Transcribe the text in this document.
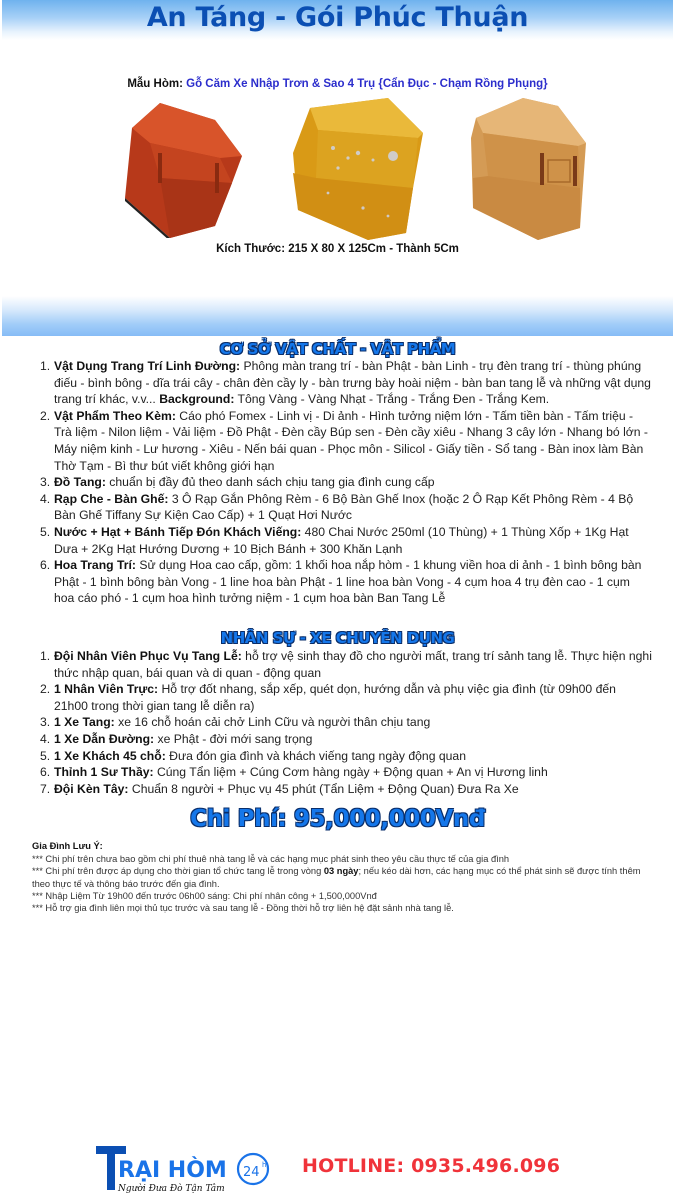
An Táng - Gói Phúc Thuận
Mẫu Hòm: Gỗ Căm Xe Nhập Trơn & Sao 4 Trụ {Cẩn Đục - Chạm Rồng Phụng}
Kích Thước: 215 X 80 X 125Cm - Thành 5Cm
CƠ SỞ VẬT CHẤT - VẬT PHẨM
1. Vật Dụng Trang Trí Linh Đường: Phông màn trang trí - bàn Phật - bàn Linh - trụ đèn trang trí - thùng phúng điếu - bình bông - dĩa trái cây - chân đèn cầy ly - bàn trưng bày hoài niệm - bàn ban tang lễ và những vật dụng trang trí khác, v.v... Background: Tông Vàng - Vàng Nhạt - Trắng - Trắng Đen - Trắng Kem.
2. Vật Phẩm Theo Kèm: Cáo phó Fomex - Linh vị - Di ảnh - Hình tưởng niệm lớn - Tấm tiền bàn - Tấm triệu - Trà liệm - Nilon liệm - Vải liệm - Đồ Phật - Đèn cầy Búp sen - Đèn cầy xiêu - Nhang 3 cây lớn - Nhang bó lớn - Máy niệm kinh - Lư hương - Xiêu - Nến bái quan - Phọc môn - Silicol - Giấy tiền - Sổ tang - Bàn inox làm Bàn Thờ Tạm - Bì thư bút viết không giới hạn
3. Đồ Tang: chuẩn bị đầy đủ theo danh sách chịu tang gia đình cung cấp
4. Rạp Che - Bàn Ghế: 3 Ô Rạp Gắn Phông Rèm - 6 Bộ Bàn Ghế Inox (hoặc 2 Ô Rạp Kết Phông Rèm - 4 Bộ Bàn Ghế Tiffany Sự Kiện Cao Cấp) + 1 Quạt Hơi Nước
5. Nước + Hạt + Bánh Tiếp Đón Khách Viếng: 480 Chai Nước 250ml (10 Thùng) + 1 Thùng Xốp + 1Kg Hạt Dưa + 2Kg Hạt Hướng Dương + 10 Bịch Bánh + 300 Khăn Lạnh
6. Hoa Trang Trí: Sử dụng Hoa cao cấp, gồm: 1 khối hoa nắp hòm - 1 khung viền hoa di ảnh - 1 bình bông bàn Phật - 1 bình bông bàn Vong - 1 line hoa bàn Phật - 1 line hoa bàn Vong - 4 cụm hoa 4 trụ đèn cao - 1 cụm hoa cáo phó - 1 cụm hoa hình tưởng niệm - 1 cụm hoa bàn Ban Tang Lễ
NHÂN SỰ - XE CHUYÊN DỤNG
1. Đội Nhân Viên Phục Vụ Tang Lễ: hỗ trợ vệ sinh thay đồ cho người mất, trang trí sảnh tang lễ. Thực hiện nghi thức nhập quan, bái quan và di quan - động quan
2. 1 Nhân Viên Trực: Hỗ trợ đốt nhang, sắp xếp, quét dọn, hướng dẫn và phụ việc gia đình (từ 09h00 đến 21h00 trong thời gian tang lễ diễn ra)
3. 1 Xe Tang: xe 16 chỗ hoán cải chở Linh Cữu và người thân chịu tang
4. 1 Xe Dẫn Đường: xe Phật - đời mới sang trọng
5. 1 Xe Khách 45 chỗ: Đưa đón gia đình và khách viếng tang ngày động quan
6. Thỉnh 1 Sư Thầy: Cúng Tẩn liệm + Cúng Cơm hàng ngày + Động quan + An vị Hương linh
7. Đội Kèn Tây: Chuẩn 8 người + Phục vụ 45 phút (Tẩn Liệm + Động Quan) Đưa Ra Xe
Chi Phí: 95,000,000Vnđ
Gia Đình Lưu Ý:

*** Chi phí trên chưa bao gồm chi phí thuê nhà tang lễ và các hạng mục phát sinh theo yêu cầu thực tế của gia đình

*** Chi phí trên được áp dụng cho thời gian tổ chức tang lễ trong vòng 03 ngày; nếu kéo dài hơn, các hạng mục có thể phát sinh sẽ được tính thêm theo thực tế và thông báo trước đến gia đình.

*** Nhập Liệm Từ 19h00 đến trước 06h00 sáng: Chi phí nhân công + 1,500,000Vnđ

*** Hỗ trợ gia đình liên mọi thủ tục trước và sau tang lễ - Đồng thời hỗ trợ liên hệ đặt sảnh nhà tang lễ.

RẠI HÒM 24 h
Người Đưa Đò Tận Tâm
HOTLINE: 0935.496.096
